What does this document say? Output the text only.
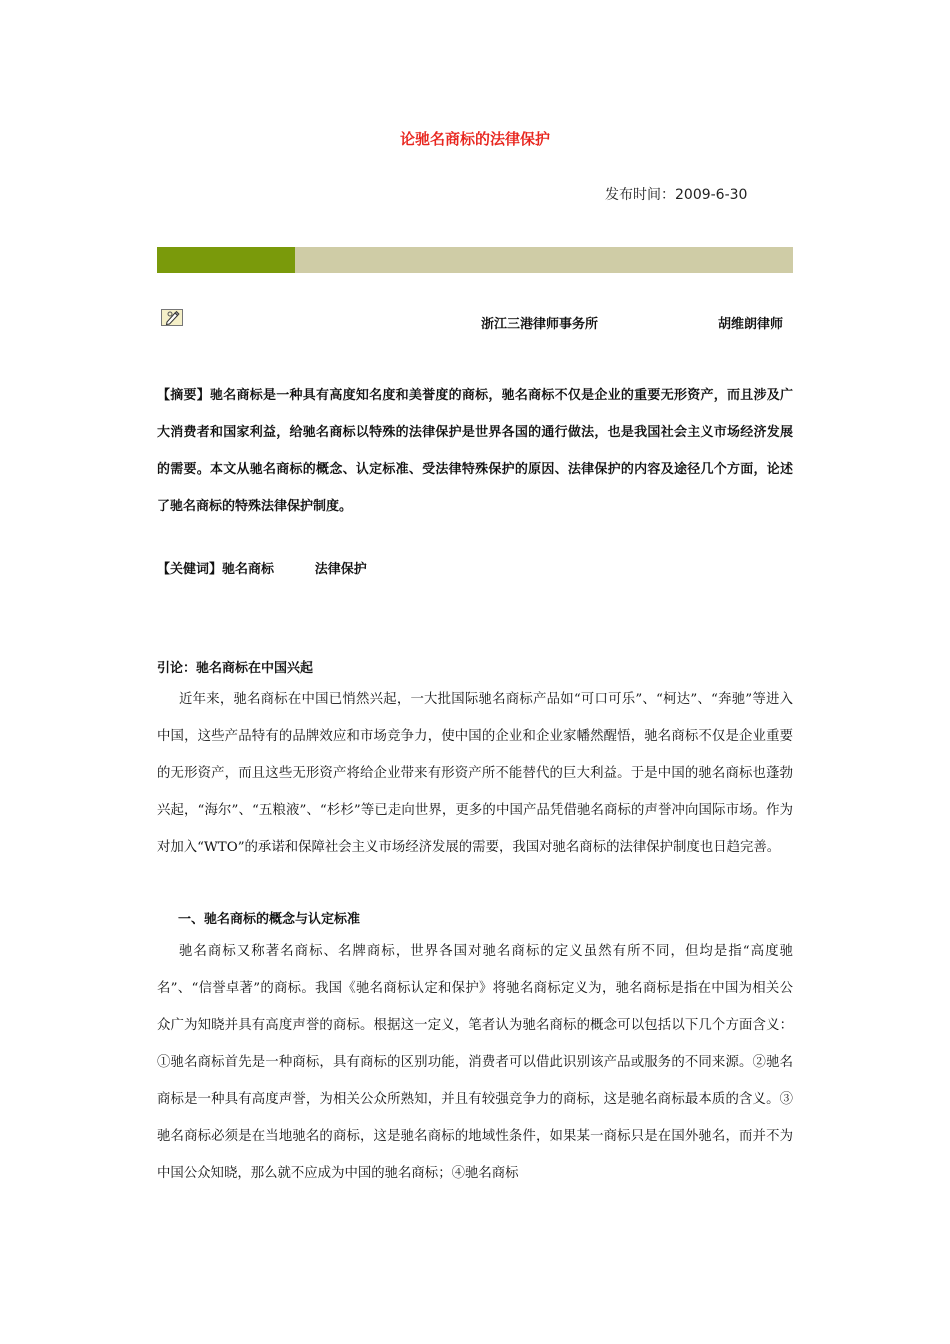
论驰名商标的法律保护
发布时间：2009-6-30
浙江三港律师事务所	胡维朗律师
【摘要】驰名商标是一种具有高度知名度和美誉度的商标，驰名商标不仅是企业的重要无形资产，而且涉及广大消费者和国家利益，给驰名商标以特殊的法律保护是世界各国的通行做法，也是我国社会主义市场经济发展的需要。本文从驰名商标的概念、认定标准、受法律特殊保护的原因、法律保护的内容及途径几个方面，论述了驰名商标的特殊法律保护制度。
【关健词】驰名商标         法律保护
引论：驰名商标在中国兴起
近年来，驰名商标在中国已悄然兴起，一大批国际驰名商标产品如“可口可乐”、“柯达”、“奔驰”等进入中国，这些产品特有的品牌效应和市场竞争力，使中国的企业和企业家幡然醒悟，驰名商标不仅是企业重要的无形资产，而且这些无形资产将给企业带来有形资产所不能替代的巨大利益。于是中国的驰名商标也蓬勃兴起，“海尔”、“五粮液”、“杉杉”等已走向世界，更多的中国产品凭借驰名商标的声誉冲向国际市场。作为对加入“WTO”的承诺和保障社会主义市场经济发展的需要，我国对驰名商标的法律保护制度也日趋完善。
一、驰名商标的概念与认定标准
驰名商标又称著名商标、名牌商标，世界各国对驰名商标的定义虽然有所不同，但均是指“高度驰名”、“信誉卓著”的商标。我国《驰名商标认定和保护》将驰名商标定义为，驰名商标是指在中国为相关公众广为知晓并具有高度声誉的商标。根据这一定义，笔者认为驰名商标的概念可以包括以下几个方面含义：①驰名商标首先是一种商标，具有商标的区别功能，消费者可以借此识别该产品或服务的不同来源。②驰名商标是一种具有高度声誉，为相关公众所熟知，并且有较强竞争力的商标，这是驰名商标最本质的含义。③驰名商标必须是在当地驰名的商标，这是驰名商标的地域性条件，如果某一商标只是在国外驰名，而并不为中国公众知晓，那么就不应成为中国的驰名商标；④驰名商标
